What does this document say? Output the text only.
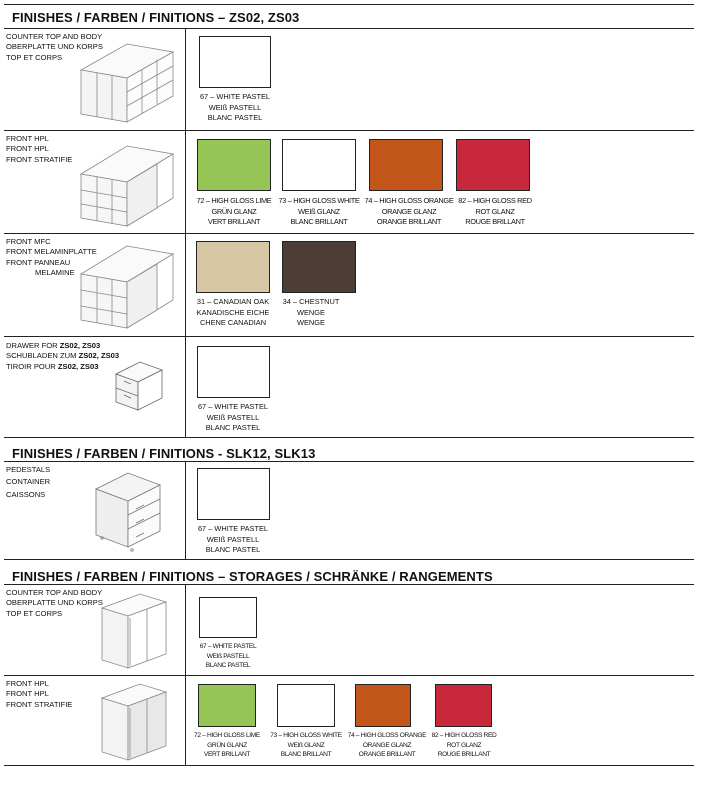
FINISHES / FARBEN / FINITIONS – ZS02, ZS03
COUNTER TOP AND BODY
OBERPLATTE UND KORPS
TOP ET CORPS
67 – WHITE PASTEL
WEIß PASTELL
BLANC PASTEL
FRONT HPL
FRONT HPL
FRONT STRATIFIE
72 – HIGH GLOSS LIME
GRÜN GLANZ
VERT BRILLANT
73 – HIGH GLOSS WHITE
WEIß GLANZ
BLANC BRILLANT
74 – HIGH GLOSS ORANGE
ORANGE GLANZ
ORANGE BRILLANT
82 – HIGH GLOSS RED
ROT GLANZ
ROUGE BRILLANT
FRONT MFC
FRONT MELAMINPLATTE
FRONT PANNEAU
MELAMINE
31 – CANADIAN OAK
KANADISCHE EICHE
CHENE CANADIAN
34 – CHESTNUT
WENGE
WENGE
DRAWER FOR ZS02, ZS03
SCHUBLADEN ZUM ZS02, ZS03
TIROIR POUR ZS02, ZS03
67 – WHITE PASTEL
WEIß PASTELL
BLANC PASTEL
FINISHES / FARBEN / FINITIONS - SLK12, SLK13
PEDESTALS
CONTAINER
CAISSONS
67 – WHITE PASTEL
WEIß PASTELL
BLANC PASTEL
FINISHES / FARBEN / FINITIONS – STORAGES / SCHRÄNKE / RANGEMENTS
COUNTER TOP AND BODY
OBERPLATTE UND KORPS
TOP ET CORPS
67 – WHITE PASTEL
WEIß PASTELL
BLANC PASTEL
FRONT HPL
FRONT HPL
FRONT STRATIFIE
72 – HIGH GLOSS LIME
GRÜN GLANZ
VERT BRILLANT
73 – HIGH GLOSS WHITE
WEIß GLANZ
BLANC BRILLANT
74 – HIGH GLOSS ORANGE
ORANGE GLANZ
ORANGE BRILLANT
82 – HIGH GLOSS RED
ROT GLANZ
ROUGE BRILLANT
